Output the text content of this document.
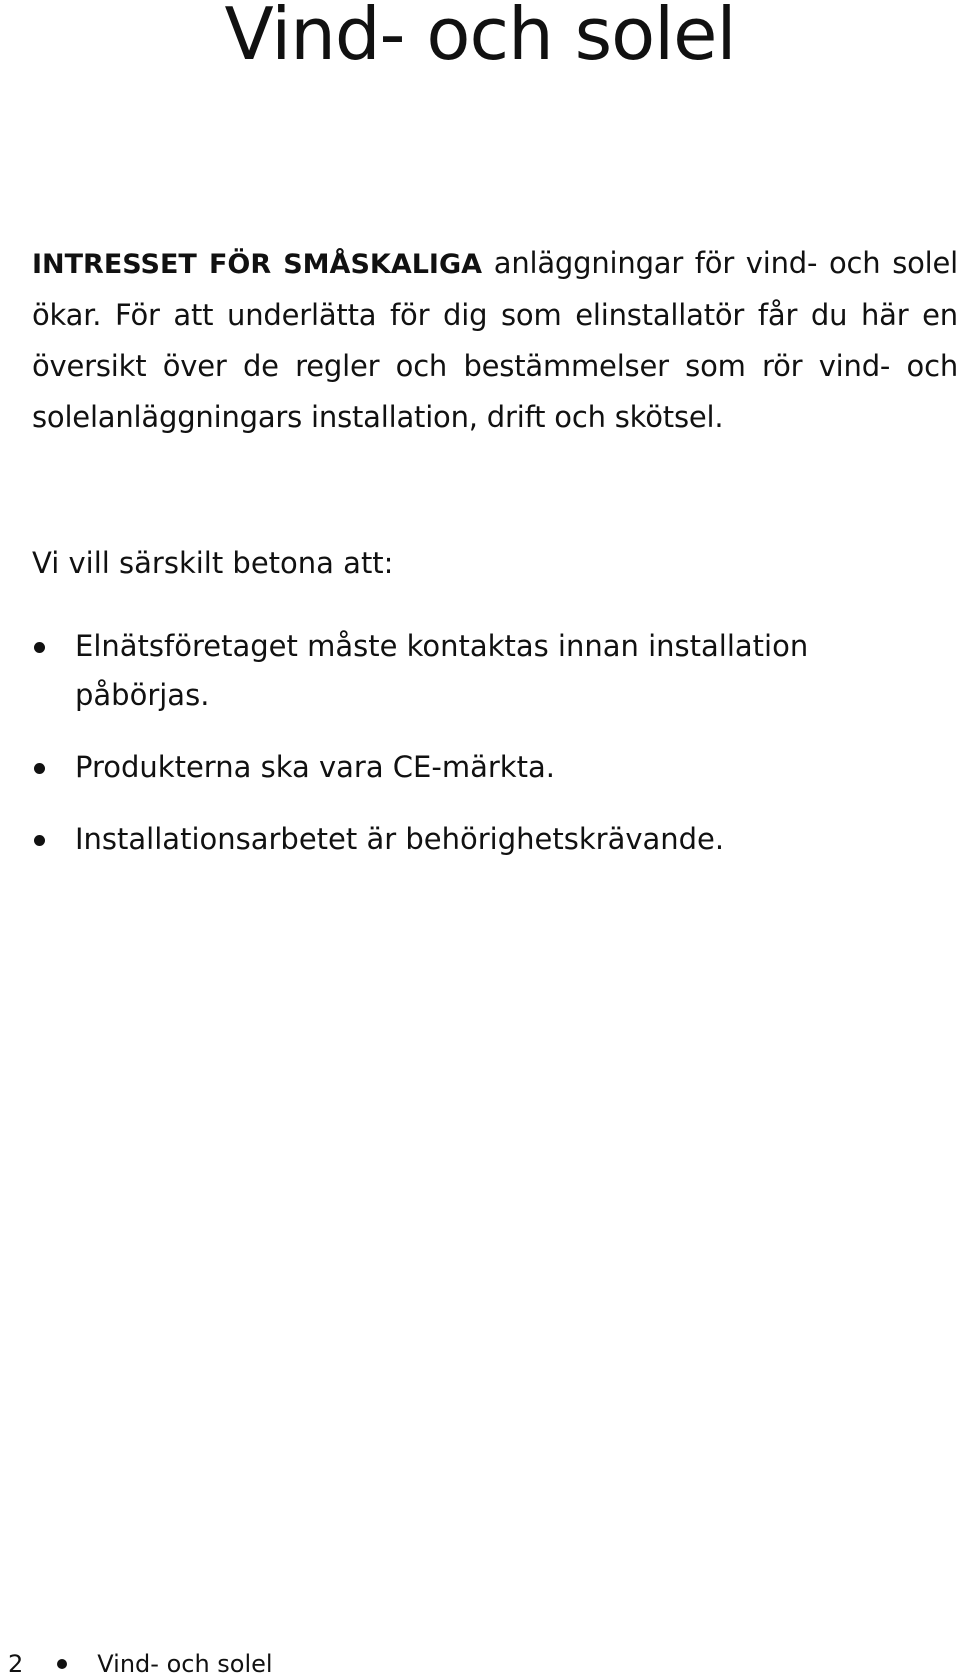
Vind- och solel

INTRESSET FÖR SMÅSKALIGA anläggningar för vind- och solel ökar. För att underlätta för dig som elinstallatör får du här en översikt över de regler och bestämmelser som rör vind- och solelanläggningars installation, drift och skötsel.

Vi vill särskilt betona att:

Elnätsföretaget måste kontaktas innan installation påbörjas.
Produkterna ska vara CE-märkta.
Installationsarbetet är behörighetskrävande.
2	Vind- och solel
